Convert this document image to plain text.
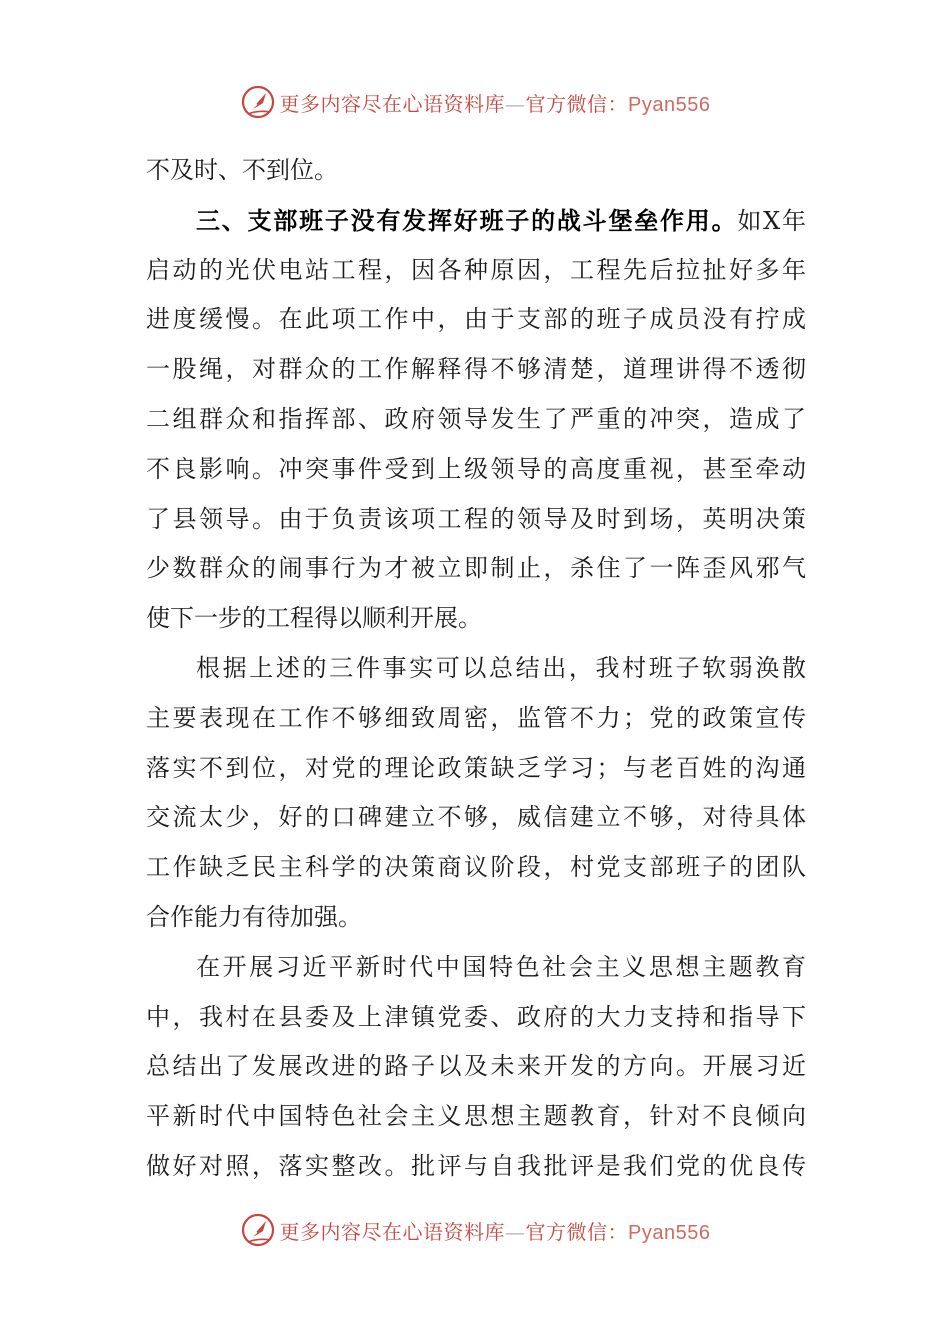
更多内容尽在心语资料库—官方微信：Pyan556
不及时、不到位。
三、支部班子没有发挥好班子的战斗堡垒作用。如X年
启动的光伏电站工程，因各种原因，工程先后拉扯好多年
进度缓慢。在此项工作中，由于支部的班子成员没有拧成
一股绳，对群众的工作解释得不够清楚，道理讲得不透彻
二组群众和指挥部、政府领导发生了严重的冲突，造成了
不良影响。冲突事件受到上级领导的高度重视，甚至牵动
了县领导。由于负责该项工程的领导及时到场，英明决策
少数群众的闹事行为才被立即制止，杀住了一阵歪风邪气
使下一步的工程得以顺利开展。
根据上述的三件事实可以总结出，我村班子软弱涣散
主要表现在工作不够细致周密，监管不力；党的政策宣传
落实不到位，对党的理论政策缺乏学习；与老百姓的沟通
交流太少，好的口碑建立不够，威信建立不够，对待具体
工作缺乏民主科学的决策商议阶段，村党支部班子的团队
合作能力有待加强。
在开展习近平新时代中国特色社会主义思想主题教育
中，我村在县委及上津镇党委、政府的大力支持和指导下
总结出了发展改进的路子以及未来开发的方向。开展习近
平新时代中国特色社会主义思想主题教育，针对不良倾向
做好对照，落实整改。批评与自我批评是我们党的优良传
更多内容尽在心语资料库—官方微信：Pyan556
